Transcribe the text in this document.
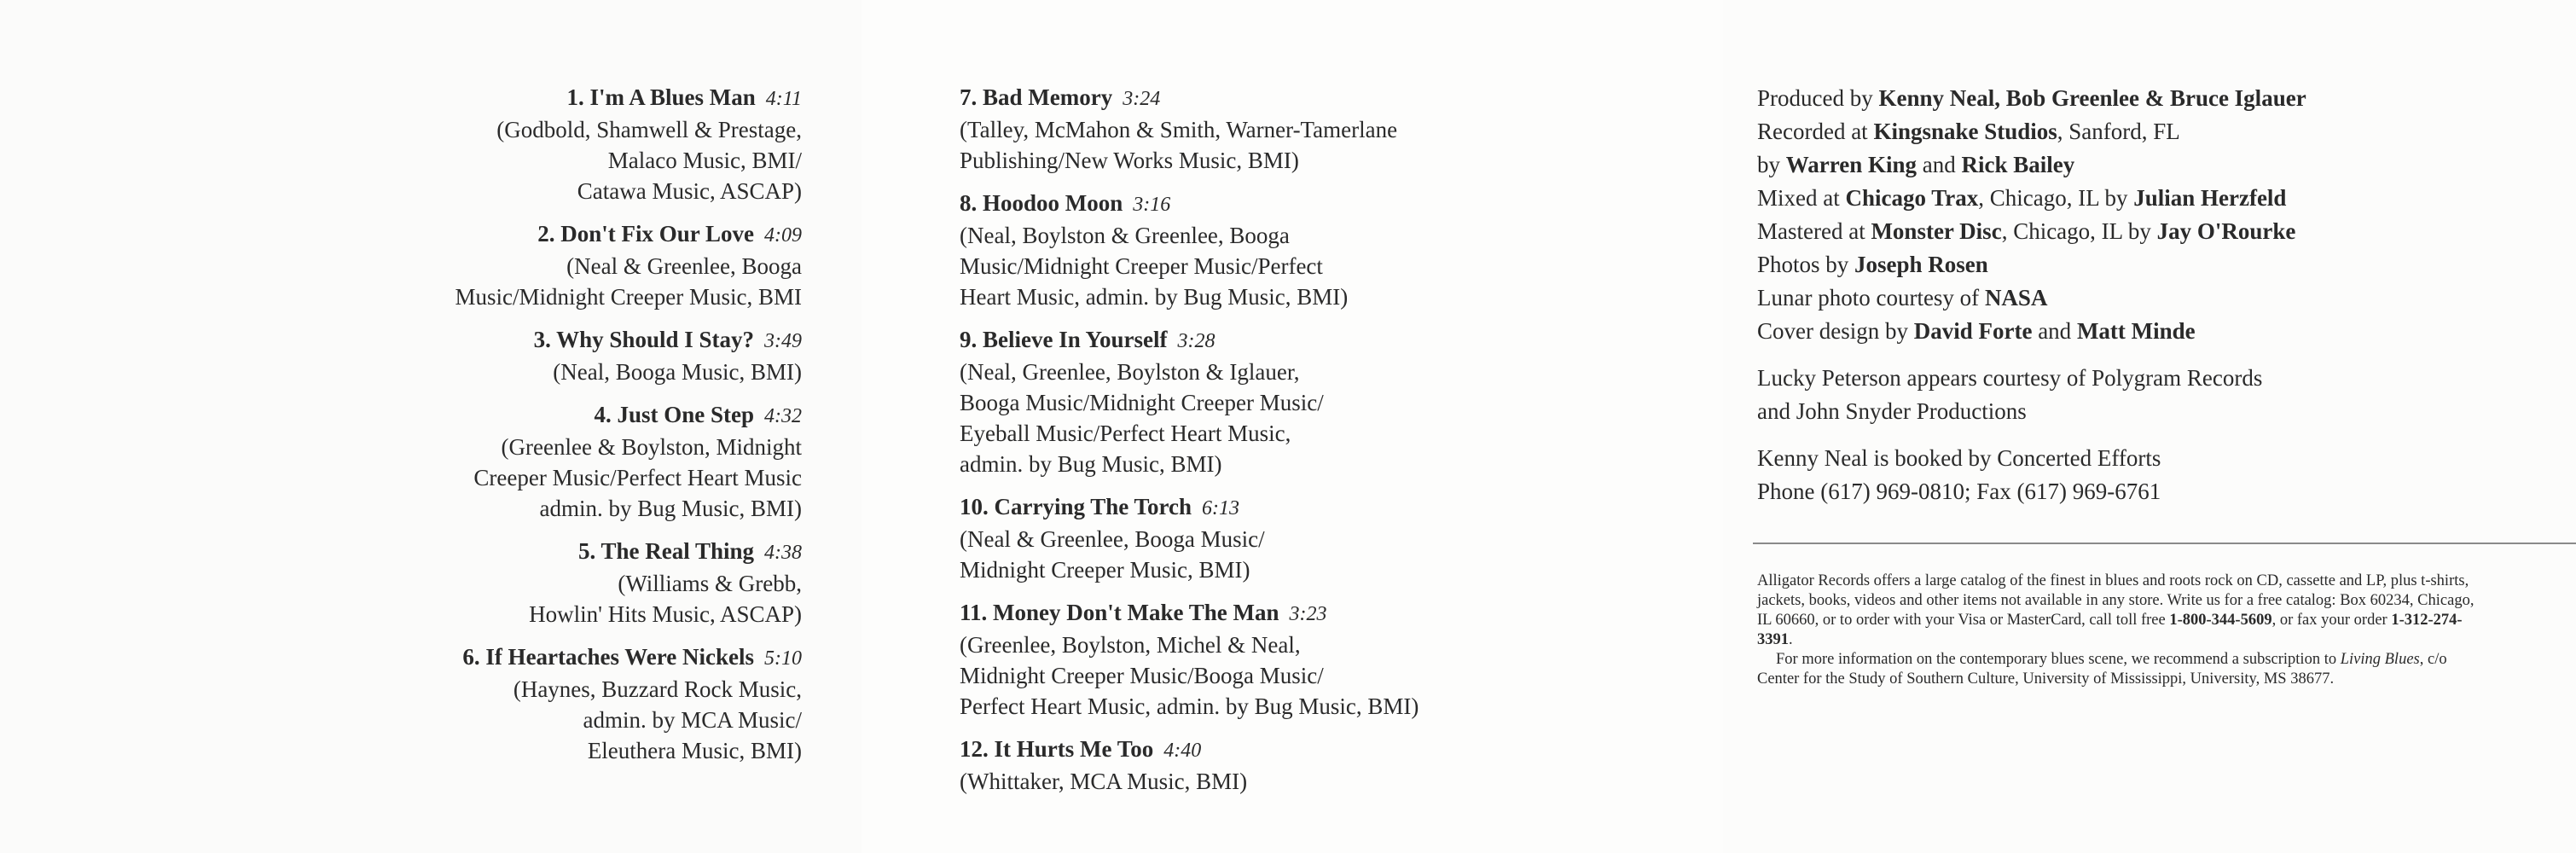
1. I'm A Blues Man 4:11
(Godbold, Shamwell & Prestage,
Malaco Music, BMI/
Catawa Music, ASCAP)
2. Don't Fix Our Love 4:09
(Neal & Greenlee, Booga
Music/Midnight Creeper Music, BMI
3. Why Should I Stay? 3:49
(Neal, Booga Music, BMI)
4. Just One Step 4:32
(Greenlee & Boylston, Midnight
Creeper Music/Perfect Heart Music
admin. by Bug Music, BMI)
5. The Real Thing 4:38
(Williams & Grebb,
Howlin' Hits Music, ASCAP)
6. If Heartaches Were Nickels 5:10
(Haynes, Buzzard Rock Music,
admin. by MCA Music/
Eleuthera Music, BMI)
7. Bad Memory 3:24
(Talley, McMahon & Smith, Warner-Tamerlane
Publishing/New Works Music, BMI)
8. Hoodoo Moon 3:16
(Neal, Boylston & Greenlee, Booga
Music/Midnight Creeper Music/Perfect
Heart Music, admin. by Bug Music, BMI)
9. Believe In Yourself 3:28
(Neal, Greenlee, Boylston & Iglauer,
Booga Music/Midnight Creeper Music/
Eyeball Music/Perfect Heart Music,
admin. by Bug Music, BMI)
10. Carrying The Torch 6:13
(Neal & Greenlee, Booga Music/
Midnight Creeper Music, BMI)
11. Money Don't Make The Man 3:23
(Greenlee, Boylston, Michel & Neal,
Midnight Creeper Music/Booga Music/
Perfect Heart Music, admin. by Bug Music, BMI)
12. It Hurts Me Too 4:40
(Whittaker, MCA Music, BMI)
Produced by Kenny Neal, Bob Greenlee & Bruce Iglauer
Recorded at Kingsnake Studios, Sanford, FL
by Warren King and Rick Bailey
Mixed at Chicago Trax, Chicago, IL by Julian Herzfeld
Mastered at Monster Disc, Chicago, IL by Jay O'Rourke
Photos by Joseph Rosen
Lunar photo courtesy of NASA
Cover design by David Forte and Matt Minde
Lucky Peterson appears courtesy of Polygram Records
and John Snyder Productions
Kenny Neal is booked by Concerted Efforts
Phone (617) 969-0810; Fax (617) 969-6761

Alligator Records offers a large catalog of the finest in blues and roots rock on CD, cassette and LP, plus t-shirts, jackets, books, videos and other items not available in any store. Write us for a free catalog: Box 60234, Chicago, IL 60660, or to order with your Visa or MasterCard, call toll free 1-800-344-5609, or fax your order 1-312-274-3391.

For more information on the contemporary blues scene, we recommend a subscription to Living Blues, c/o Center for the Study of Southern Culture, University of Mississippi, University, MS 38677.
